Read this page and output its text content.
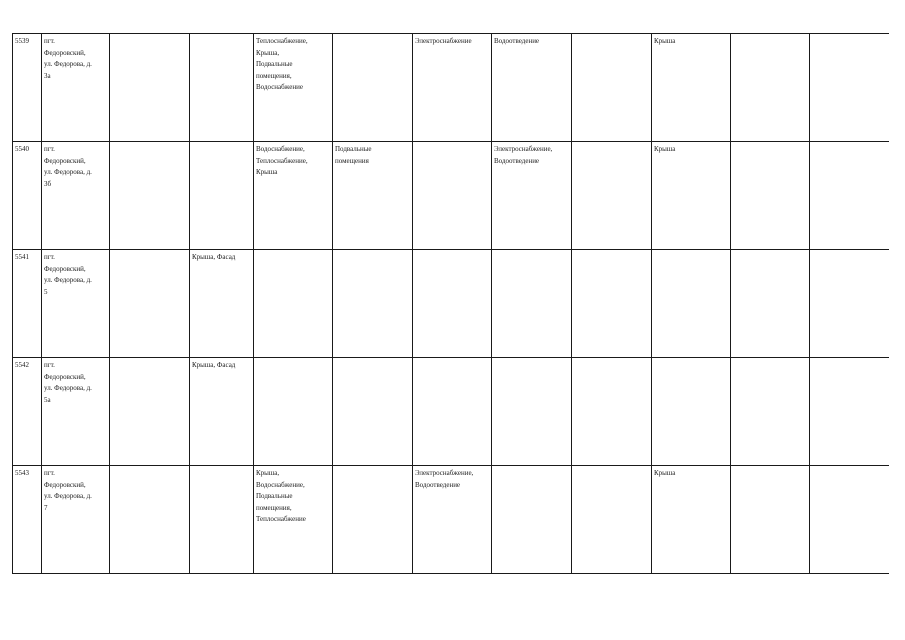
5539	пгт.
Федоровский,
ул. Федорова, д.
3а			Теплоснабжение,
Крыша,
Подвальные
помещения,
Водоснабжение		Электроснабжение	Водоотведение		Крыша		
5540	пгт.
Федоровский,
ул. Федорова, д.
3б			Водоснабжение,
Теплоснабжение,
Крыша	Подвальные
помещения		Электроснабжение,
Водоотведение		Крыша		
5541	пгт.
Федоровский,
ул. Федорова, д.
5		Крыша, Фасад								
5542	пгт.
Федоровский,
ул. Федорова, д.
5а		Крыша, Фасад								
5543	пгт.
Федоровский,
ул. Федорова, д.
7			Крыша,
Водоснабжение,
Подвальные
помещения,
Теплоснабжение		Электроснабжение,
Водоотведение			Крыша		
